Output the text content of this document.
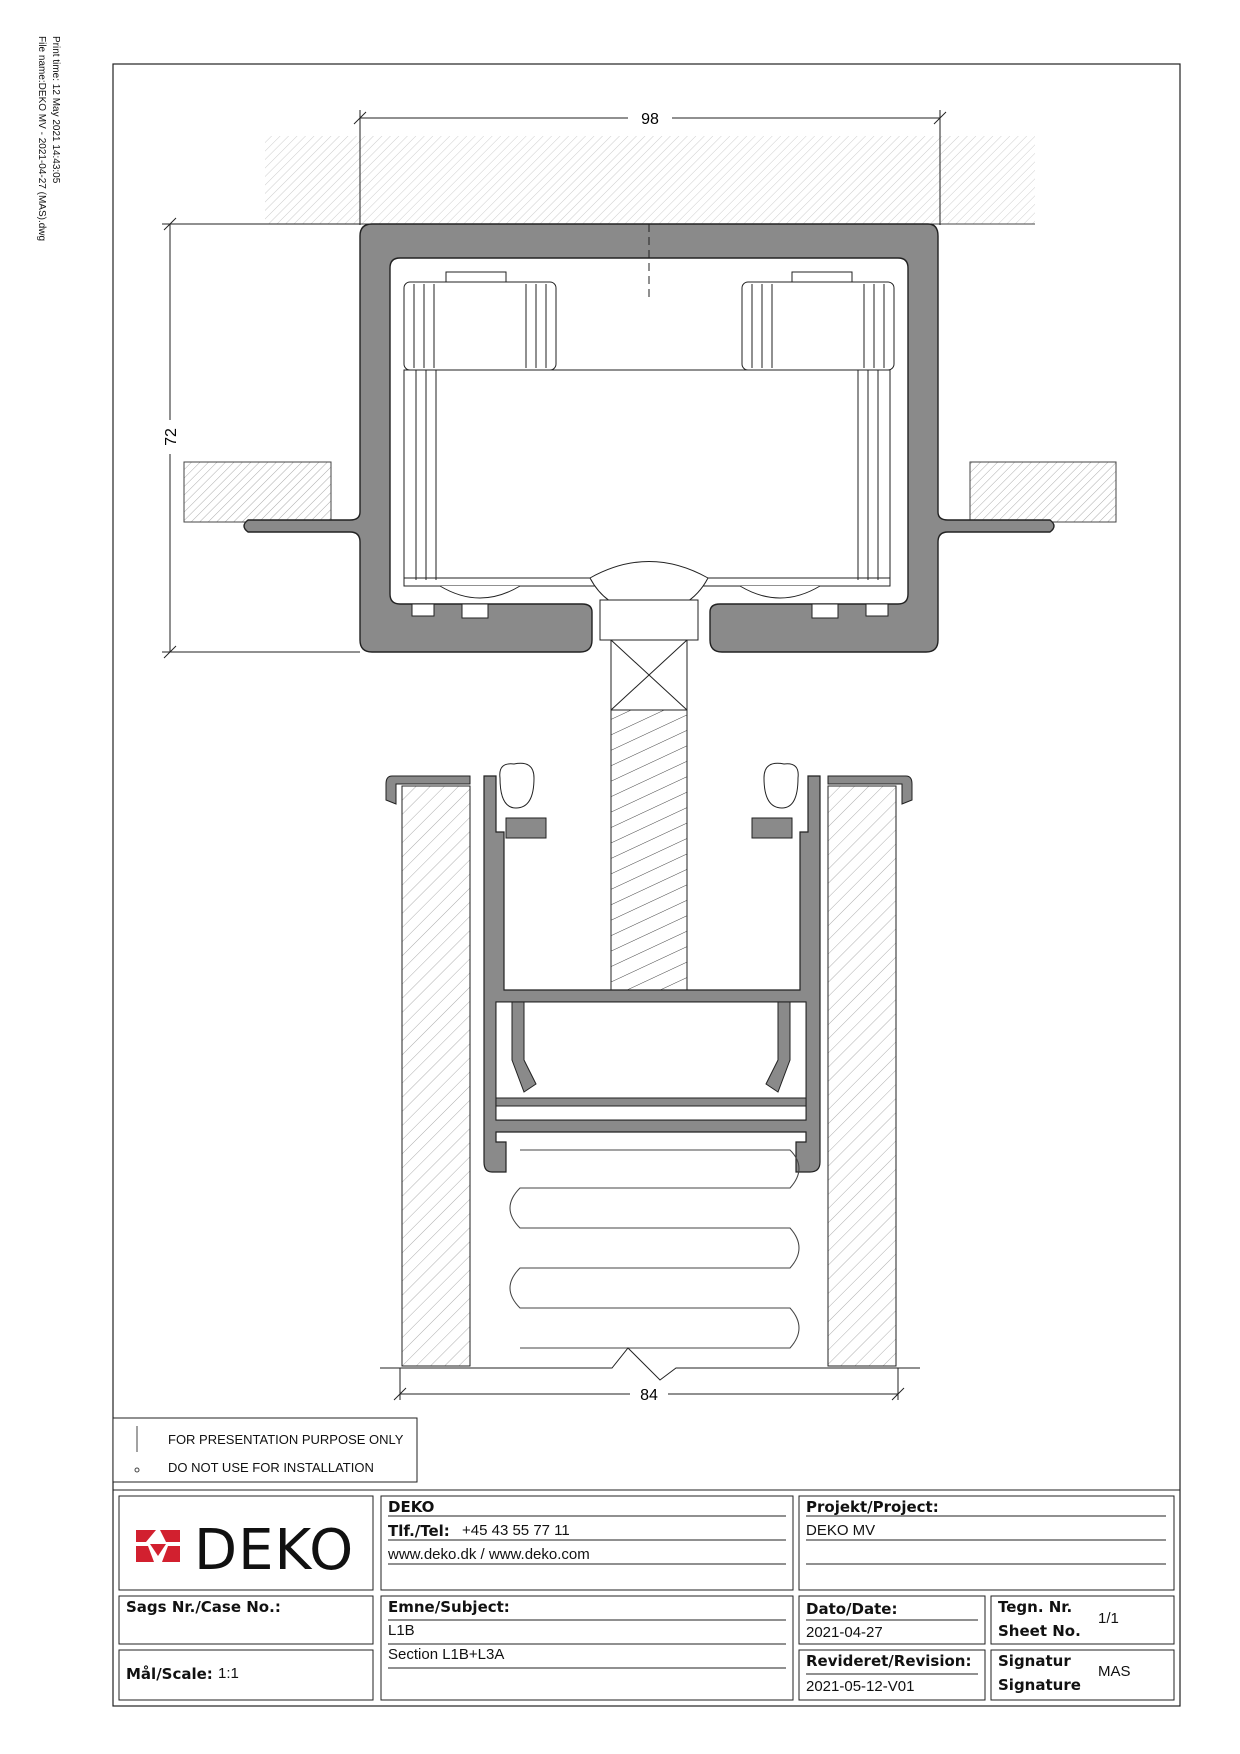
Print time: 12 May 2021 14:43:05
File name:DEKO MV - 2021-04-27 (MAS).dwg	98
72
84
FOR PRESENTATION PURPOSE ONLY
DO NOT USE FOR INSTALLATION
DEKO
DEKO
Tlf./Tel: +45 43 55 77 11
www.deko.dk / www.deko.com
Projekt/Project:
DEKO MV
Sags Nr./Case No.:	Emne/Subject:
L1B
Section L1B+L3A
Dato/Date:
2021-04-27
Tegn. Nr.
Sheet No.
1/1
Mål/Scale: 1:1
Revideret/Revision:
2021-05-12-V01
Signatur
Signature
MAS
